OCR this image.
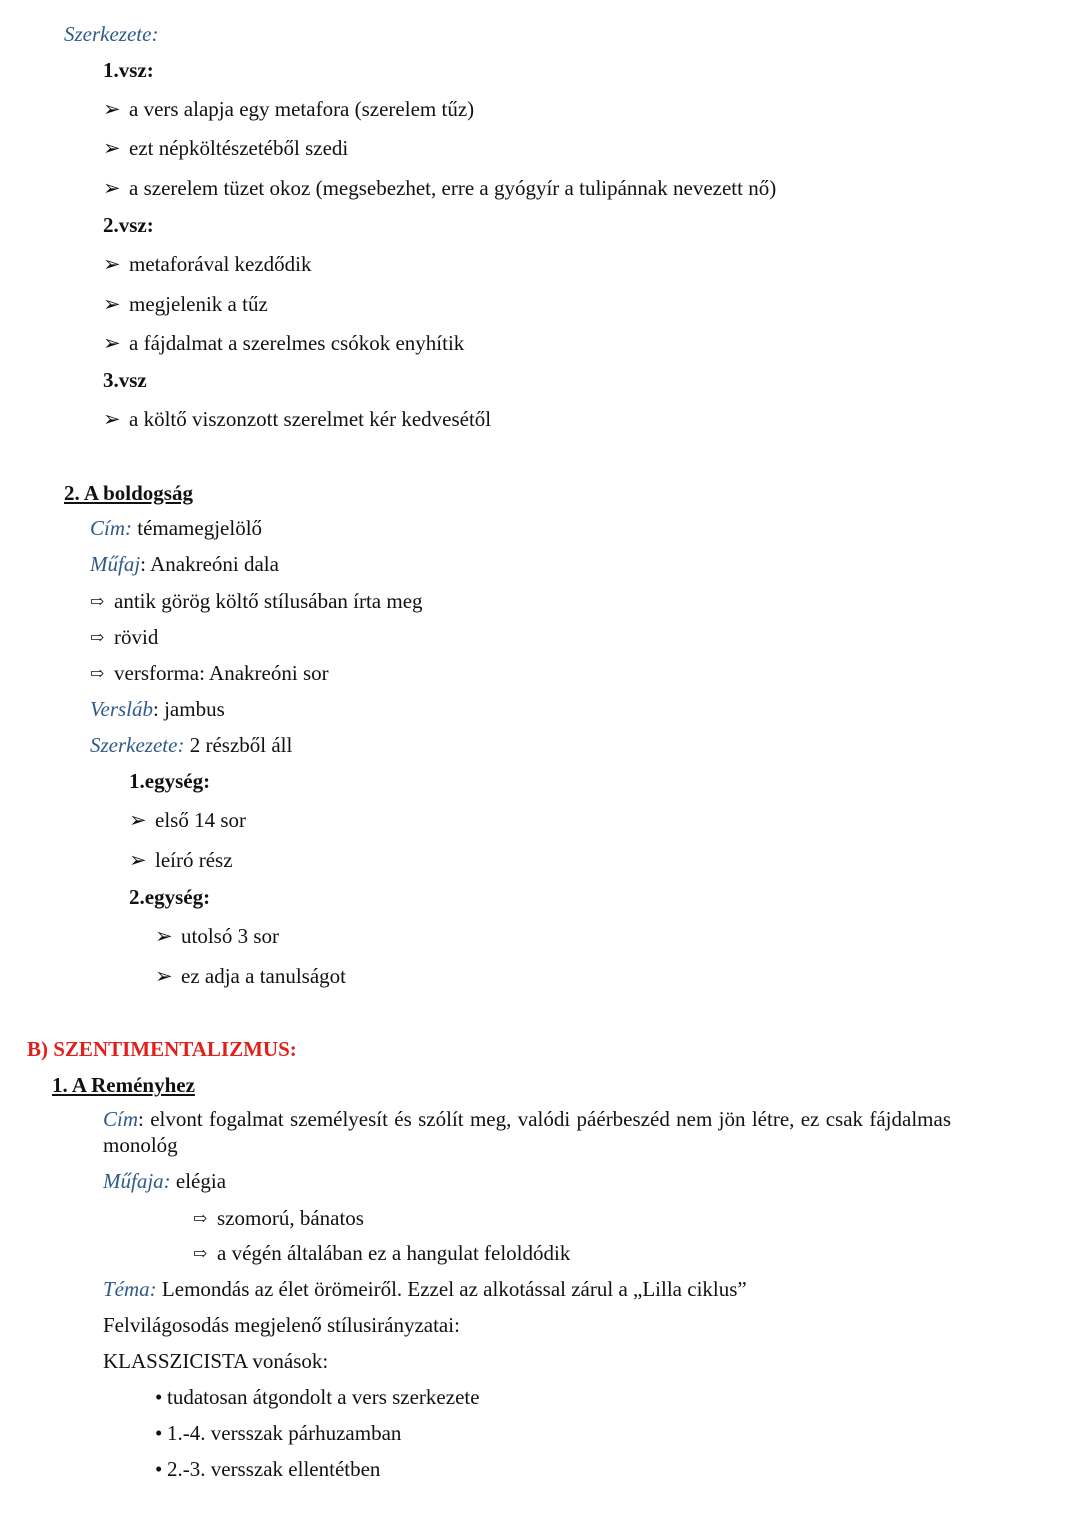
Szerkezete:
1.vsz:
➢ a vers alapja egy metafora (szerelem tűz)
➢ ezt népköltészetéből szedi
➢ a szerelem tüzet okoz (megsebezhet, erre a gyógyír a tulipánnak nevezett nő)
2.vsz:
➢ metaforával kezdődik
➢ megjelenik a tűz
➢ a fájdalmat a szerelmes csókok enyhítik
3.vsz
➢ a költő viszonzott szerelmet kér kedvesétől
2. A boldogság
Cím: témamegjelölő
Műfaj: Anakreóni dala
⇨ antik görög költő stílusában írta meg
⇨ rövid
⇨ versforma: Anakreóni sor
Versláb: jambus
Szerkezete: 2 részből áll
1.egység:
➢ első 14 sor
➢ leíró rész
2.egység:
➢ utolsó 3 sor
➢ ez adja a tanulságot
B) SZENTIMENTALIZMUS:
1. A Reményhez
Cím: elvont fogalmat személyesít és szólít meg, valódi páérbeszéd nem jön létre, ez csak fájdalmas monológ
Műfaja: elégia
⇨ szomorú, bánatos
⇨ a végén általában ez a hangulat feloldódik
Téma: Lemondás az élet örömeiről. Ezzel az alkotással zárul a „Lilla ciklus”
Felvilágosodás megjelenő stílusirányzatai:
KLASSZICISTA vonások:
• tudatosan átgondolt a vers szerkezete
• 1.-4. versszak párhuzamban
• 2.-3. versszak ellentétben
